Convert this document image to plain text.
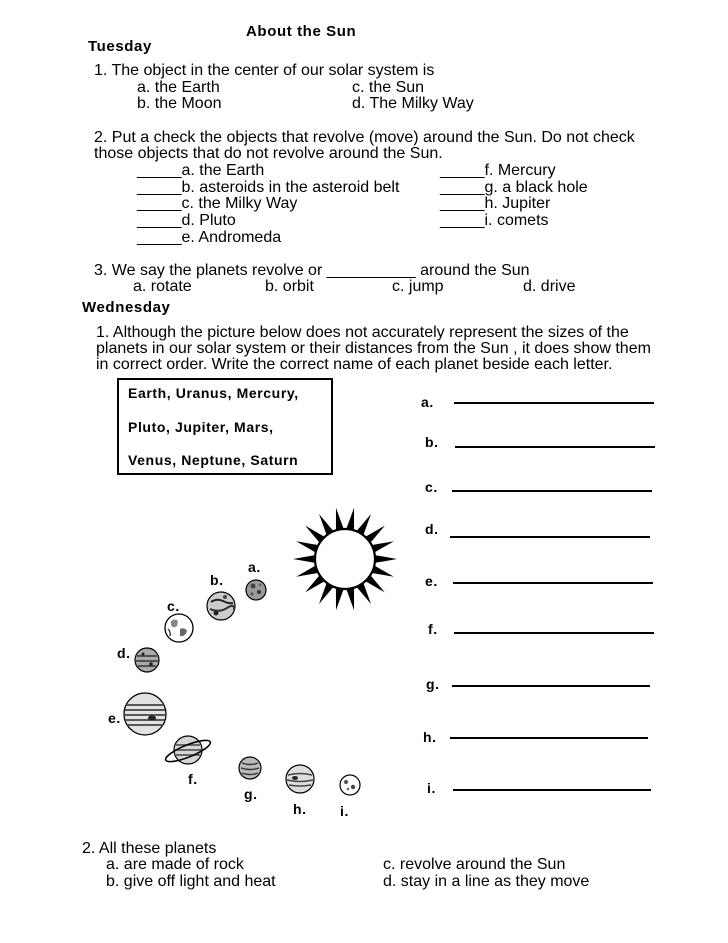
About the Sun
Tuesday
1. The object in the center of our solar system is
a. the Earth
b. the Moon
c. the Sun
d. The Milky Way
2. Put a check the objects that revolve (move) around the Sun. Do not check
those objects that do not revolve around the Sun.
_____a. the Earth
_____b. asteroids in the asteroid belt
_____c. the Milky Way
_____d. Pluto
_____e. Andromeda
_____f. Mercury
_____g. a black hole
_____h. Jupiter
_____i. comets
3. We say the planets revolve or __________ around the Sun
a. rotate	b. orbit	c. jump	d. drive
Wednesday
1. Although the picture below does not accurately represent the sizes of the
planets in our solar system or their distances from the Sun , it does show them
in correct order. Write the correct name of each planet beside each letter.
Earth, Uranus, Mercury,
Pluto, Jupiter, Mars,
Venus, Neptune, Saturn
a.
b.
c.
d.
e.
f.
g.
h.
i.
a.
b.
c.
d.
e.
f.
g.
h. i.
2. All these planets
a. are made of rock
b. give off light and heat
c. revolve around the Sun
d. stay in a line as they move
